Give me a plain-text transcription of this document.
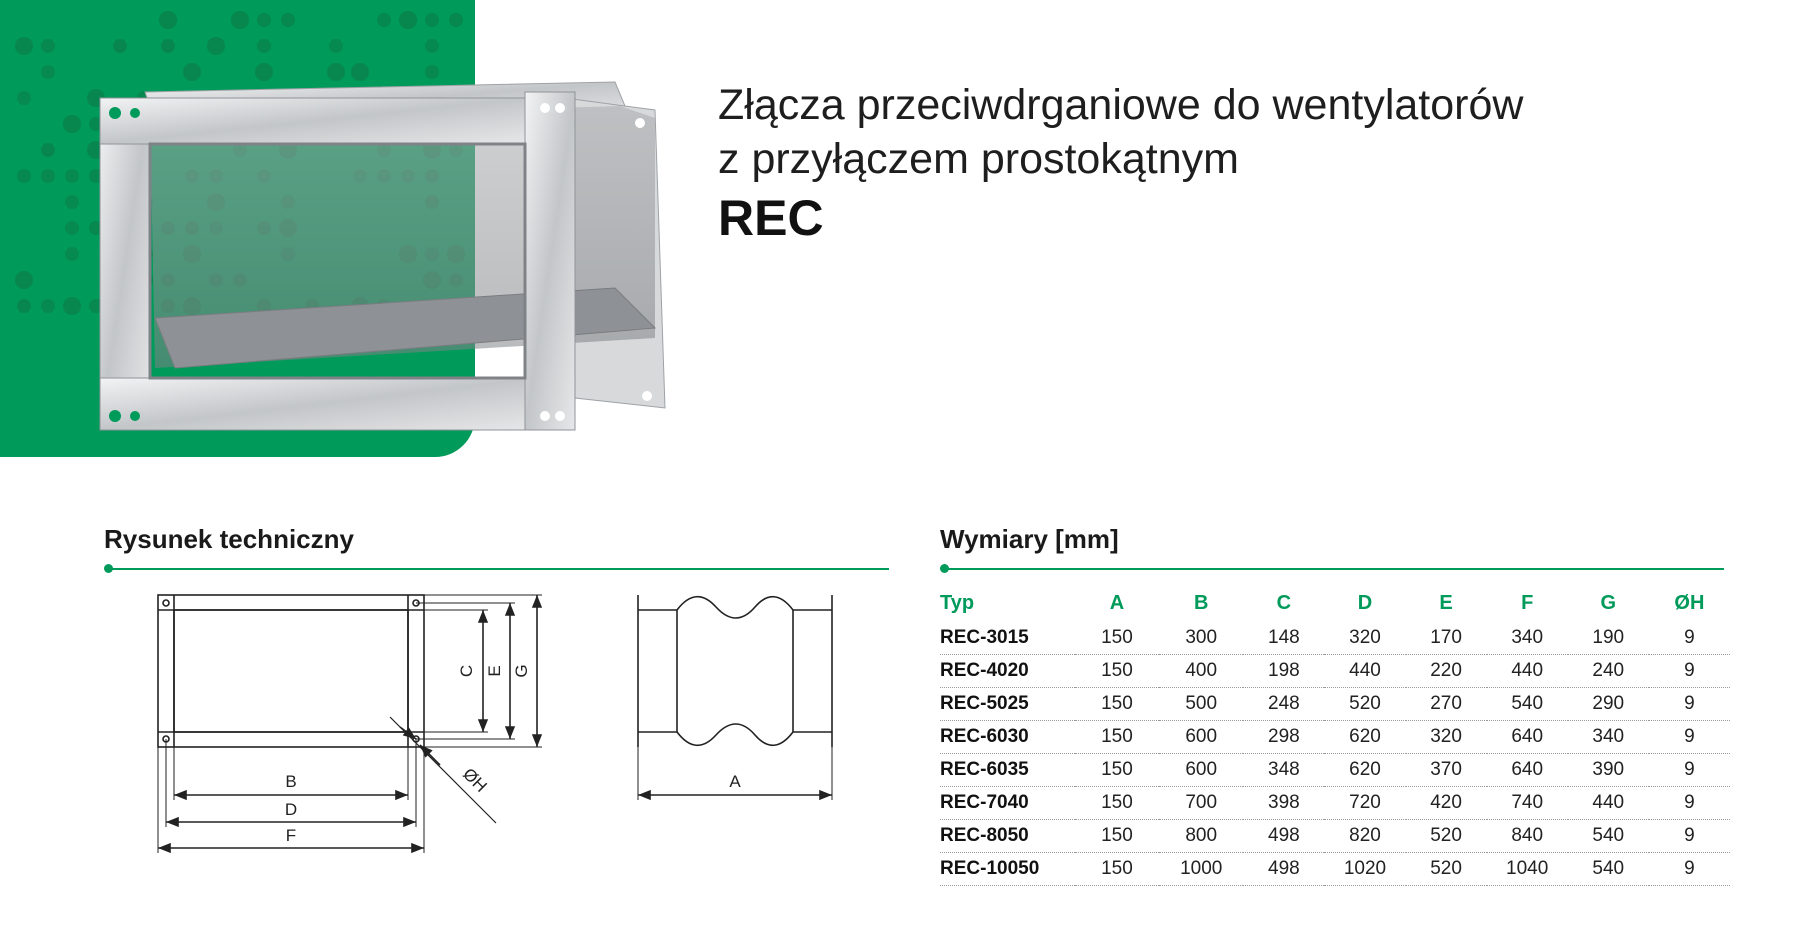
Złącza przeciwdrganiowe do wentylatorów
z przyłączem prostokątnym
REC
Rysunek techniczny	Wymiary [mm]
B
D
F
C E G
ØH	A
Typ	A	B	C	D	E	F	G	ØH
REC-3015	150	300	148	320	170	340	190	9
REC-4020	150	400	198	440	220	440	240	9
REC-5025	150	500	248	520	270	540	290	9
REC-6030	150	600	298	620	320	640	340	9
REC-6035	150	600	348	620	370	640	390	9
REC-7040	150	700	398	720	420	740	440	9
REC-8050	150	800	498	820	520	840	540	9
REC-10050	150	1000	498	1020	520	1040	540	9
